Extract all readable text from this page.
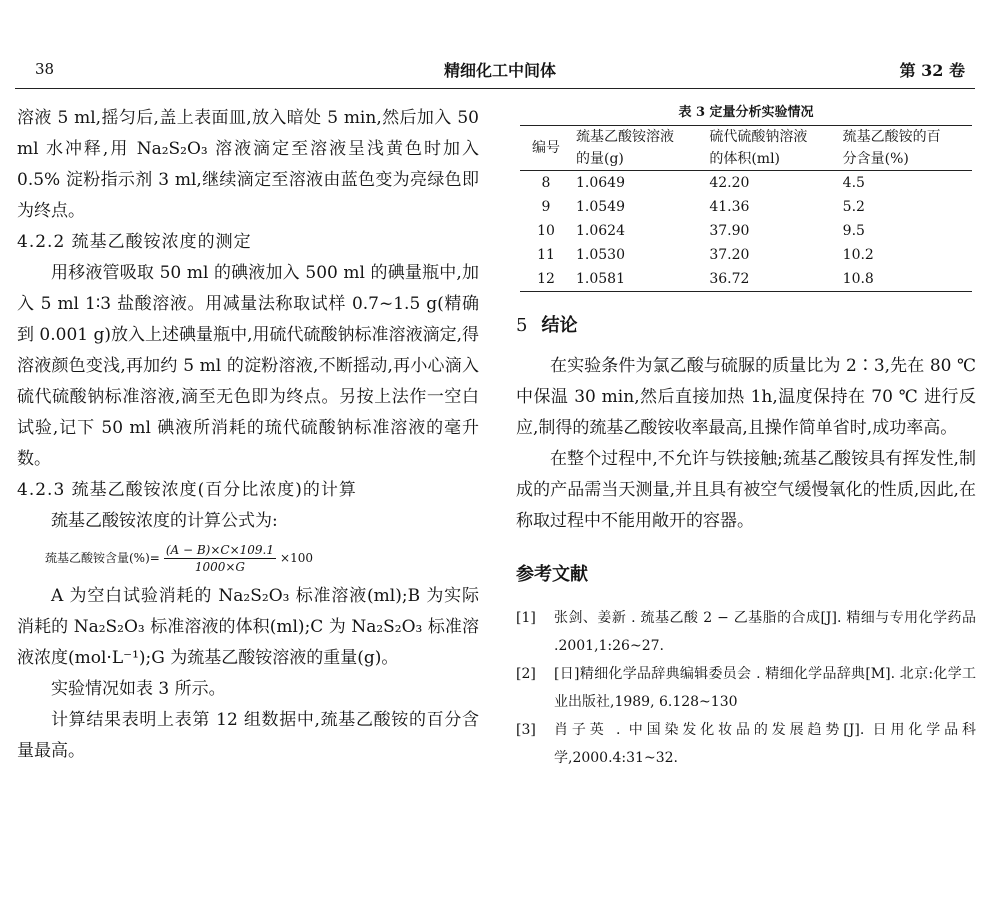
38	精细化工中间体	第 32 卷

溶液 5 ml,摇匀后,盖上表面皿,放入暗处 5 min,然后加入 50 ml 水冲释,用 Na₂S₂O₃ 溶液滴定至溶液呈浅黄色时加入 0.5% 淀粉指示剂 3 ml,继续滴定至溶液由蓝色变为亮绿色即为终点。

4.2.2 巯基乙酸铵浓度的测定

用移液管吸取 50 ml 的碘液加入 500 ml 的碘量瓶中,加入 5 ml 1∶3 盐酸溶液。用减量法称取试样 0.7~1.5 g(精确到 0.001 g)放入上述碘量瓶中,用硫代硫酸钠标准溶液滴定,得溶液颜色变浅,再加约 5 ml 的淀粉溶液,不断摇动,再小心滴入硫代硫酸钠标准溶液,滴至无色即为终点。另按上法作一空白试验,记下 50 ml 碘液所消耗的琉代硫酸钠标准溶液的毫升数。

4.2.3 巯基乙酸铵浓度(百分比浓度)的计算

巯基乙酸铵浓度的计算公式为:

巯基乙酸铵含量(%)= $\frac{(A - B)\times C\times 109.1}{1000\times G} \times 100$

A 为空白试验消耗的 Na₂S₂O₃ 标准溶液(ml);B 为实际消耗的 Na₂S₂O₃ 标准溶液的体积(ml);C 为 Na₂S₂O₃ 标准溶液浓度(mol·L⁻¹);G 为巯基乙酸铵溶液的重量(g)。

实验情况如表 3 所示。

计算结果表明上表第 12 组数据中,巯基乙酸铵的百分含量最高。

表 3 定量分析实验情况
编号	巯基乙酸铵溶液	硫代硫酸钠溶液	巯基乙酸铵的百
	的量(g)	的体积(ml)	分含量(%)
8	1.0649	42.20	4.5
9	1.0549	41.36	5.2
10	1.0624	37.90	9.5
11	1.0530	37.20	10.2
12	1.0581	36.72	10.8
5 结论

在实验条件为氯乙酸与硫脲的质量比为 2∶3,先在 80 ℃ 中保温 30 min,然后直接加热 1h,温度保持在 70 ℃ 进行反应,制得的巯基乙酸铵收率最高,且操作简单省时,成功率高。

在整个过程中,不允许与铁接触;巯基乙酸铵具有挥发性,制成的产品需当天测量,并且具有被空气缓慢氧化的性质,因此,在称取过程中不能用敞开的容器。

参考文献
[1]	张剑、姜新 . 巯基乙酸 2 − 乙基脂的合成[J]. 精细与专用化学药品 .2001,1:26~27.
[2]	[日]精细化学品辞典编辑委员会 . 精细化学品辞典[M]. 北京:化学工业出版社,1989, 6.128~130
[3]	肖子英 . 中国染发化妆品的发展趋势[J]. 日用化学品科学,2000.4:31~32.
